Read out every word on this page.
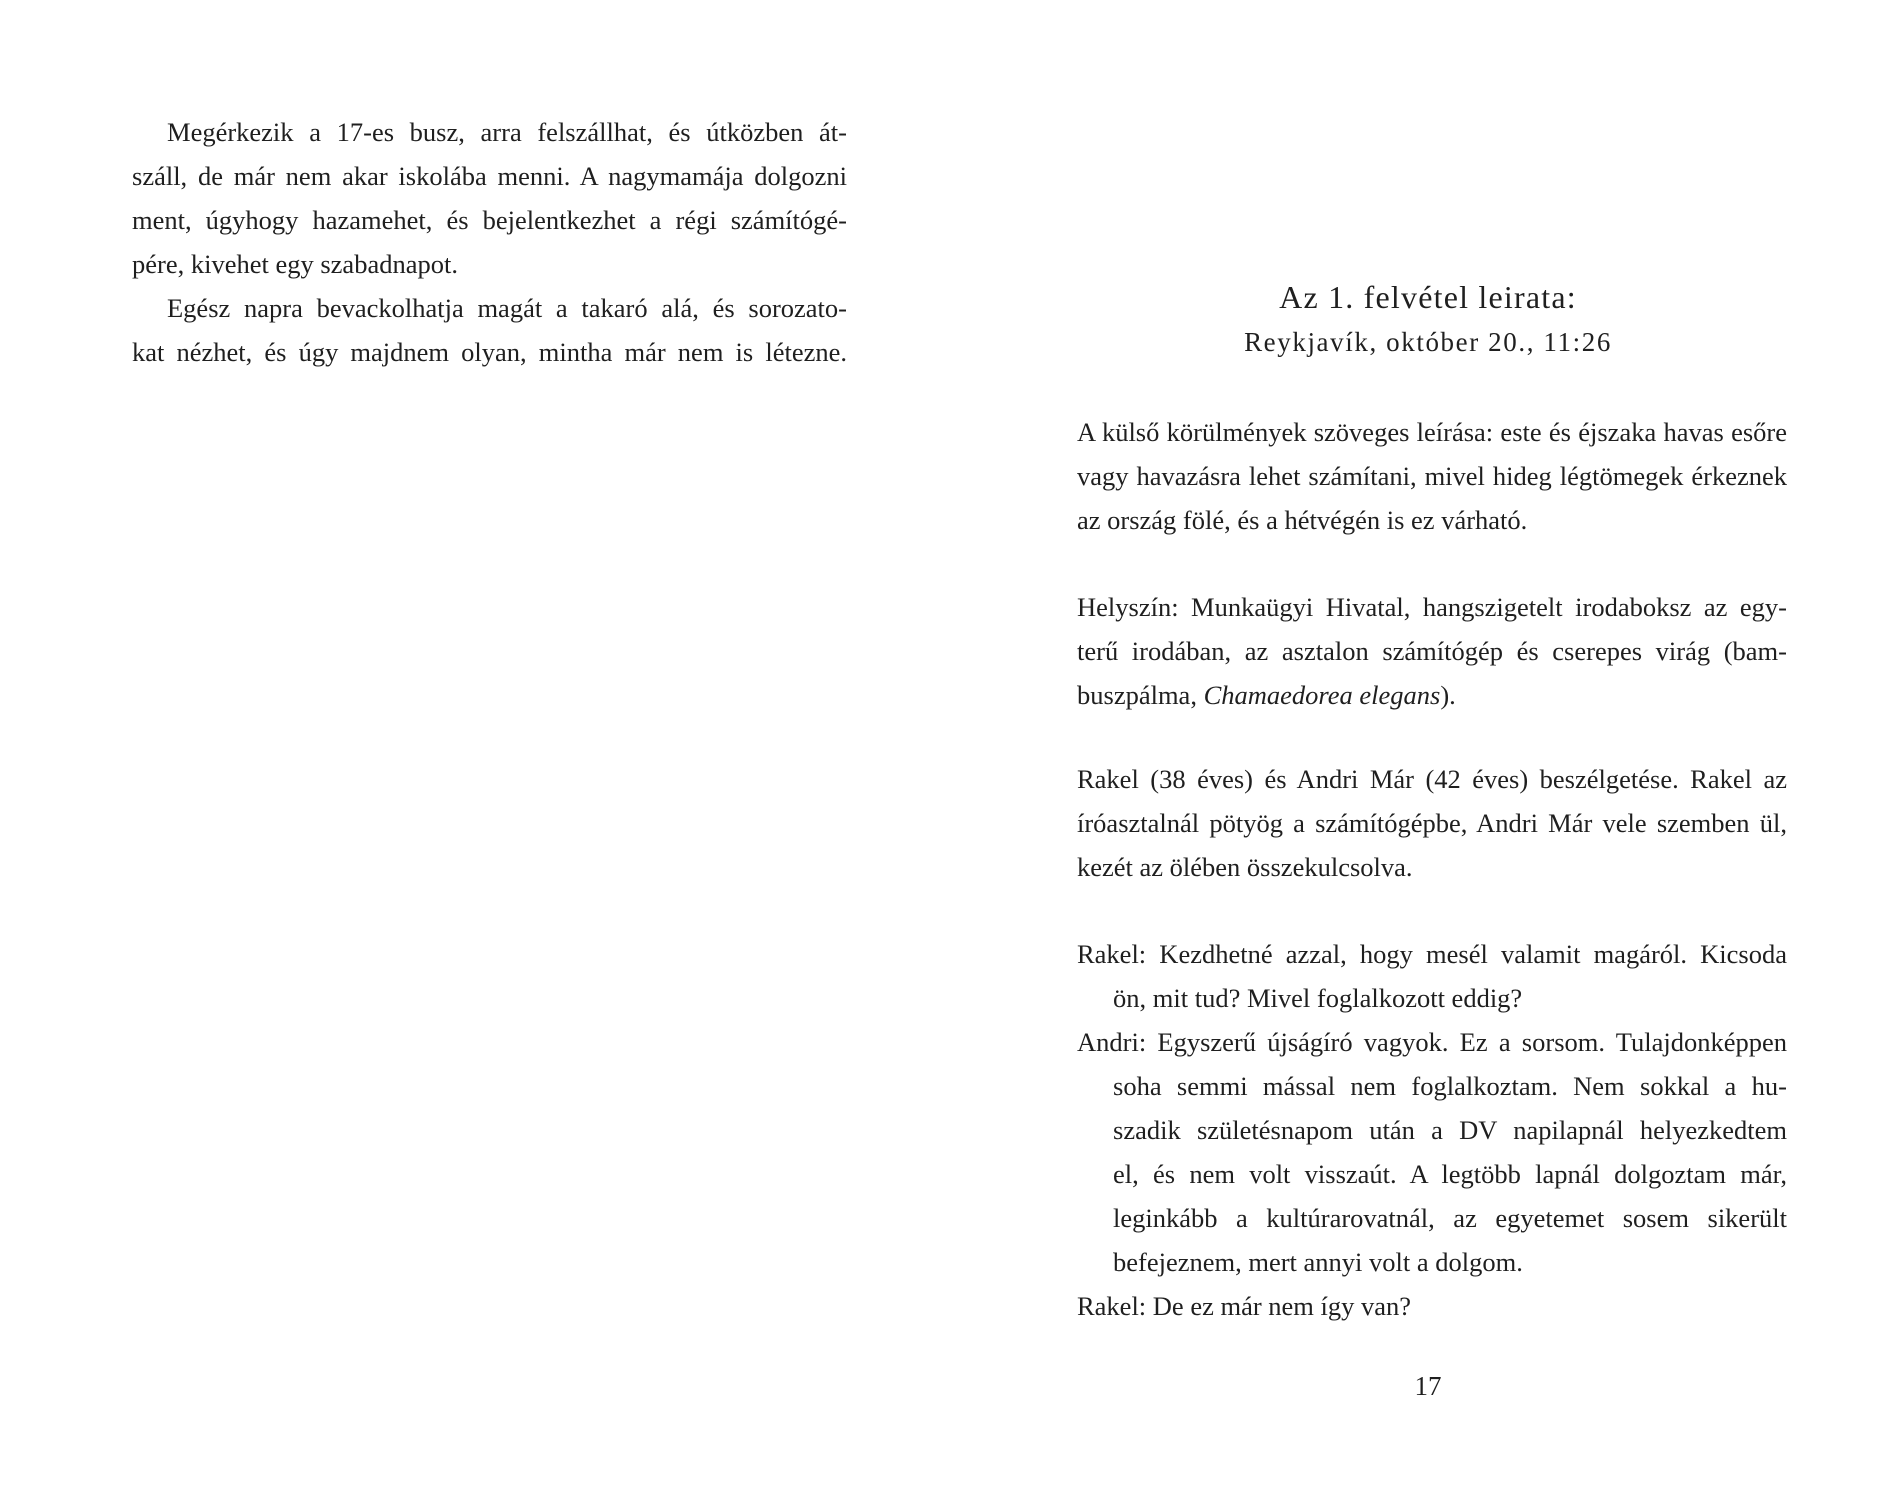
Megérkezik a 17-es busz, arra felszállhat, és útközben át-
száll, de már nem akar iskolába menni. A nagymamája dolgozni
ment, úgyhogy hazamehet, és bejelentkezhet a régi számítógé-
pére, kivehet egy szabadnapot.
Egész napra bevackolhatja magát a takaró alá, és sorozato-
kat nézhet, és úgy majdnem olyan, mintha már nem is létezne.
Az 1. felvétel leirata:
Reykjavík, október 20., 11:26
A külső körülmények szöveges leírása: este és éjszaka havas esőre
vagy havazásra lehet számítani, mivel hideg légtömegek érkeznek
az ország fölé, és a hétvégén is ez várható.
Helyszín: Munkaügyi Hivatal, hangszigetelt irodaboksz az egy-
terű irodában, az asztalon számítógép és cserepes virág (bam-
buszpálma, Chamaedorea elegans).
Rakel (38 éves) és Andri Már (42 éves) beszélgetése. Rakel az
íróasztalnál pötyög a számítógépbe, Andri Már vele szemben ül,
kezét az ölében összekulcsolva.
Rakel: Kezdhetné azzal, hogy mesél valamit magáról. Kicsoda
ön, mit tud? Mivel foglalkozott eddig?
Andri: Egyszerű újságíró vagyok. Ez a sorsom. Tulajdonképpen
soha semmi mással nem foglalkoztam. Nem sokkal a hu-
szadik születésnapom után a DV napilapnál helyezkedtem
el, és nem volt visszaút. A legtöbb lapnál dolgoztam már,
leginkább a kultúrarovatnál, az egyetemet sosem sikerült
befejeznem, mert annyi volt a dolgom.
Rakel: De ez már nem így van?
17
